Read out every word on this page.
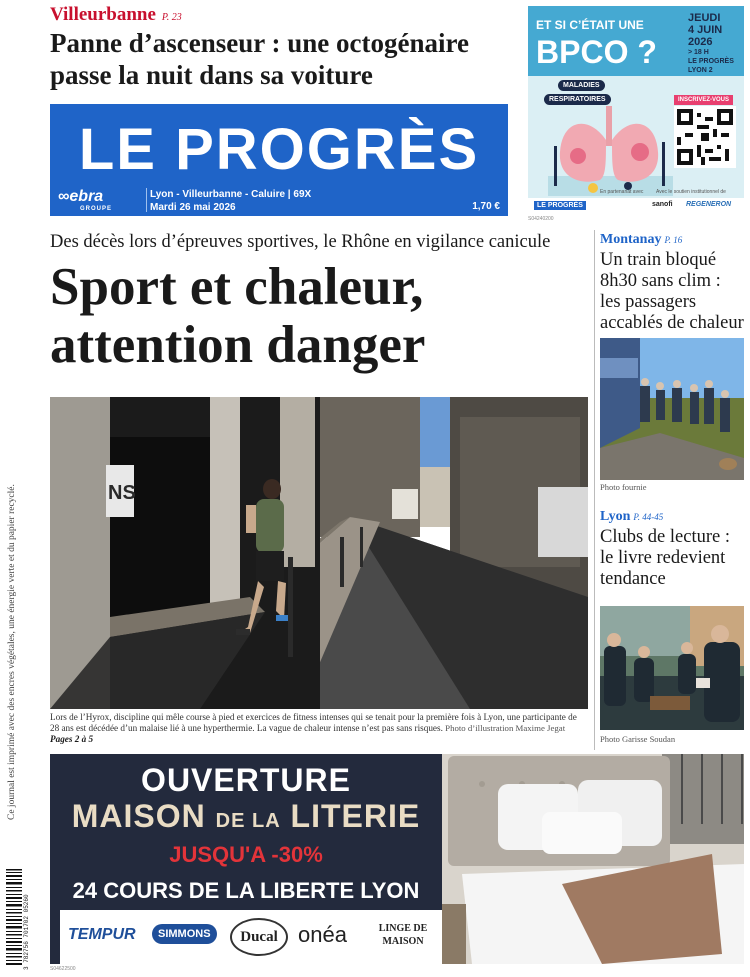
Ce journal est imprimé avec des encres végétales, une énergie verte et du papier recyclé.
3 782756 701702 05260
Villeurbanne P. 23
Panne d’ascenseur : une octogénaire passe la nuit dans sa voiture
LE PROGRÈS
∞ebra
GROUPE
Lyon - Villeurbanne - Caluire | 69X
Mardi 26 mai 2026	1,70 €
S04240200
ET SI C’ÉTAIT UNE
BPCO ?
JEUDI
4 JUIN
2026
> 18 H
LE PROGRÈS
LYON 2
MALADIES
RESPIRATOIRES	INSCRIVEZ-VOUS
En partenariat avec	Avec le soutien institutionnel de
LE PROGRÈS	sanofi REGENERON
Des décès lors d’épreuves sportives, le Rhône en vigilance canicule
Sport et chaleur, attention danger
NS
Lors de l’Hyrox, discipline qui mêle course à pied et exercices de fitness intenses qui se tenait pour la première fois à Lyon, une participante de 28 ans est décédée d’un malaise lié à une hyperthermie. La vague de chaleur intense n’est pas sans risques. Photo d’illustration Maxime Jegat Pages 2 à 5
Montanay P. 16
Un train bloqué 8h30 sans clim : les passagers accablés de chaleur
Photo fournie
Lyon P. 44-45
Clubs de lecture : le livre redevient tendance
Photo Garisse Soudan
OUVERTURE
MAISON DE LA LITERIE
JUSQU'A -30%
24 COURS DE LA LIBERTE LYON
TEMPUR	SIMMONS	Ducal onéa	LINGE DE MAISON
S04622500
